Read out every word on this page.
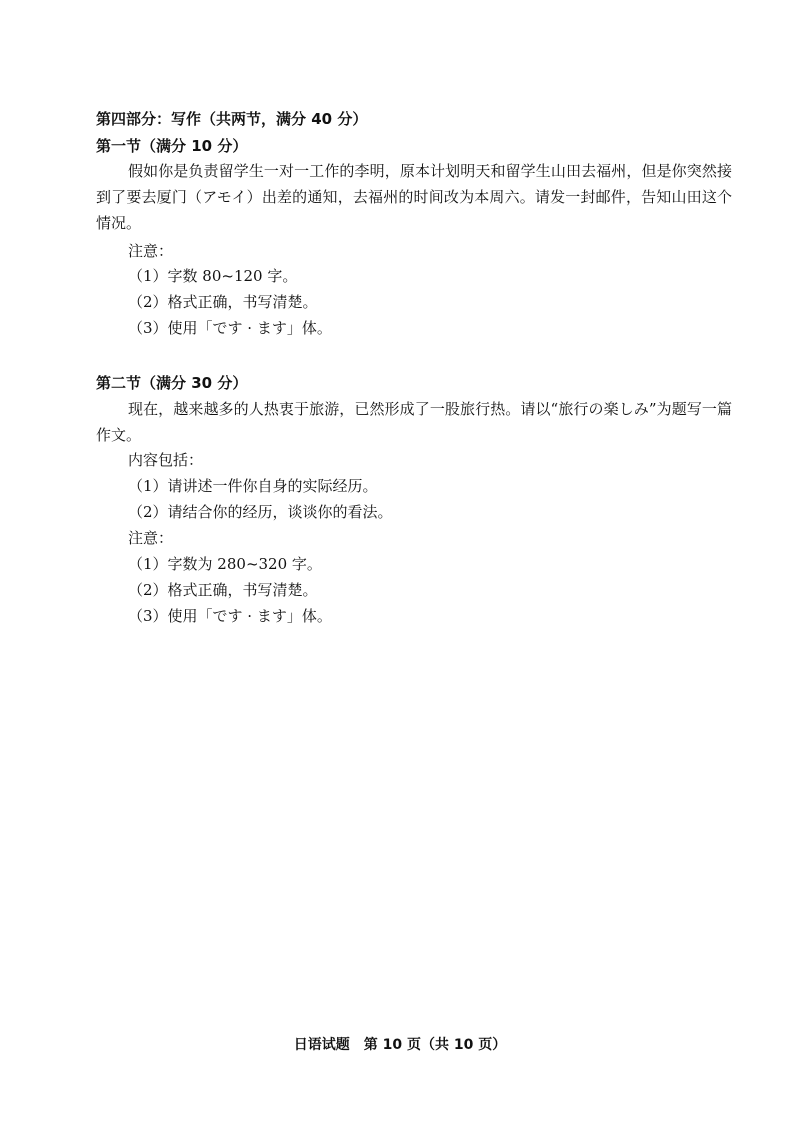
第四部分：写作（共两节，满分 40 分）
第一节（满分 10 分）
假如你是负责留学生一对一工作的李明，原本计划明天和留学生山田去福州，但是你突然接到了要去厦门（アモイ）出差的通知，去福州的时间改为本周六。请发一封邮件，告知山田这个情况。
注意：
（1）字数 80~120 字。
（2）格式正确，书写清楚。
（3）使用「です · ます」体。
第二节（满分 30 分）
现在，越来越多的人热衷于旅游，已然形成了一股旅行热。请以“旅行の楽しみ”为题写一篇作文。
内容包括：
（1）请讲述一件你自身的实际经历。
（2）请结合你的经历，谈谈你的看法。
注意：
（1）字数为 280~320 字。
（2）格式正确，书写清楚。
（3）使用「です · ます」体。
日语试题 第 10 页（共 10 页）
